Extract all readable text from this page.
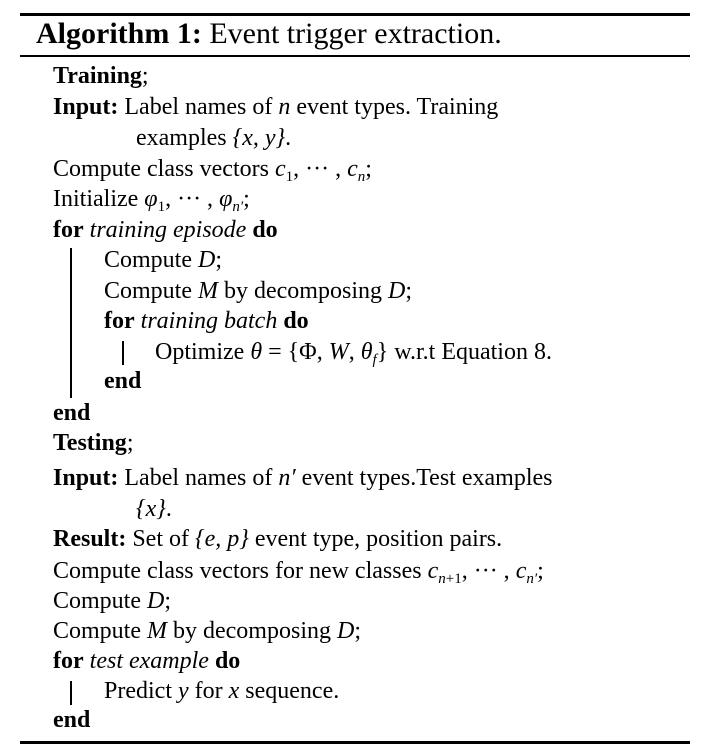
Algorithm 1: Event trigger extraction.
Training;
Input: Label names of n event types. Training
examples {x, y}.
Compute class vectors $c_1$, ··· , $c_n$;
Initialize $\varphi_1$, ··· , $\varphi_{n'}$;
for training episode do
Compute D;
Compute M by decomposing D;
for training batch do
Optimize θ = {Φ, W, $\theta_f$} w.r.t Equation 8.
end
end
Testing;
Input: Label names of n′ event types.Test examples
{x}.
Result: Set of {e, p} event type, position pairs.
Compute class vectors for new classes $c_{n+1}$, ··· , $c_{n'}$;
Compute D;
Compute M by decomposing D;
for test example do
Predict y for x sequence.
end
